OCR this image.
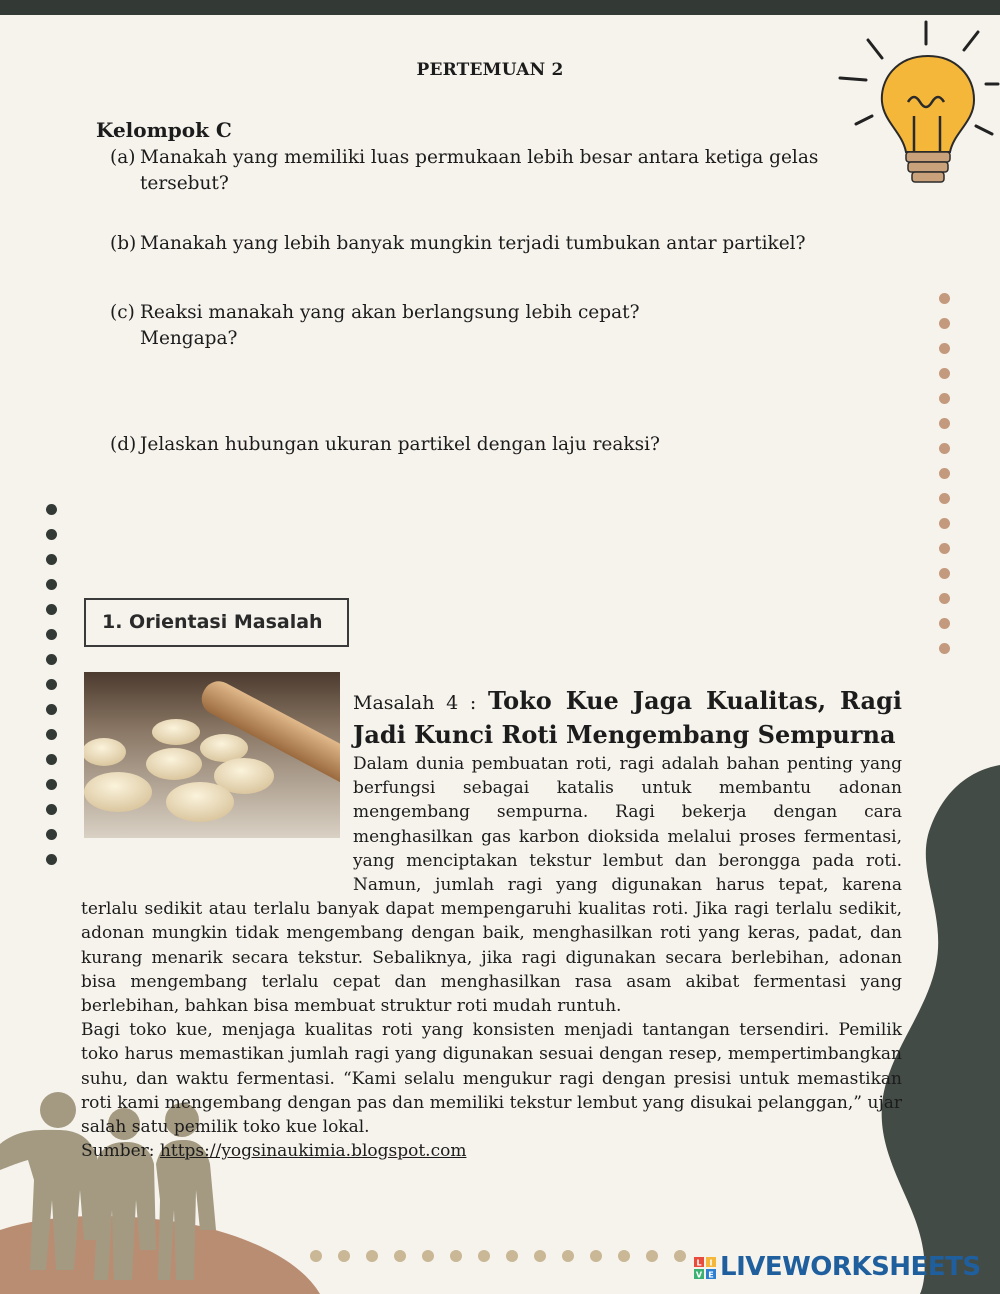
PERTEMUAN 2
Kelompok C
(a) Manakah yang memiliki luas permukaan lebih besar antara ketiga gelas
tersebut?
(b) Manakah yang lebih banyak mungkin terjadi tumbukan antar partikel?
(c) Reaksi manakah yang akan berlangsung lebih cepat?
Mengapa?
(d) Jelaskan hubungan ukuran partikel dengan laju reaksi?
1. Orientasi Masalah
Masalah 4 : Toko Kue Jaga Kualitas, Ragi Jadi Kunci Roti Mengembang Sempurna
Dalam dunia pembuatan roti, ragi adalah bahan penting yang berfungsi sebagai katalis untuk membantu adonan mengembang sempurna. Ragi bekerja dengan cara menghasilkan gas karbon dioksida melalui proses fermentasi, yang menciptakan tekstur lembut dan berongga pada roti. Namun, jumlah ragi yang digunakan harus tepat, karena terlalu sedikit atau terlalu banyak dapat mempengaruhi kualitas roti. Jika ragi terlalu sedikit, adonan mungkin tidak mengembang dengan baik, menghasilkan roti yang keras, padat, dan kurang menarik secara tekstur. Sebaliknya, jika ragi digunakan secara berlebihan, adonan bisa mengembang terlalu cepat dan menghasilkan rasa asam akibat fermentasi yang berlebihan, bahkan bisa membuat struktur roti mudah runtuh.
Bagi toko kue, menjaga kualitas roti yang konsisten menjadi tantangan tersendiri. Pemilik toko harus memastikan jumlah ragi yang digunakan sesuai dengan resep, mempertimbangkan suhu, dan waktu fermentasi. “Kami selalu mengukur ragi dengan presisi untuk memastikan roti kami mengembang dengan pas dan memiliki tekstur lembut yang disukai pelanggan,” ujar salah satu pemilik toko kue lokal.
Sumber: https://yogsinaukimia.blogspot.com
L I
V E LIVEWORKSHEETS
